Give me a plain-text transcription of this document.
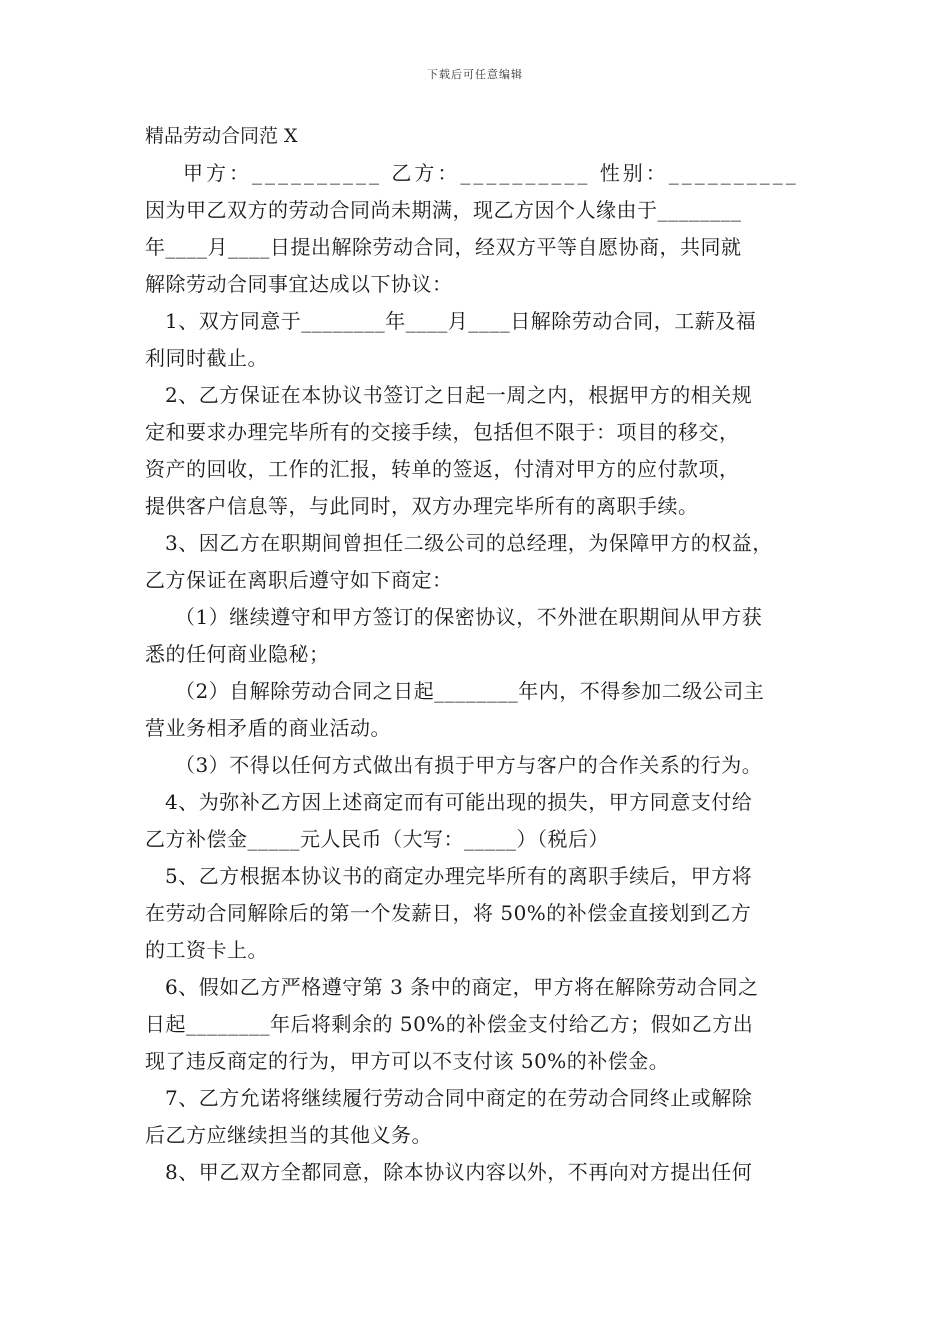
下载后可任意编辑
精品劳动合同范 X
甲方：__________ 乙方：__________ 性别：__________
因为甲乙双方的劳动合同尚未期满，现乙方因个人缘由于________
年____月____日提出解除劳动合同，经双方平等自愿协商，共同就
解除劳动合同事宜达成以下协议：
1、双方同意于________年____月____日解除劳动合同，工薪及福
利同时截止。
2、乙方保证在本协议书签订之日起一周之内，根据甲方的相关规
定和要求办理完毕所有的交接手续，包括但不限于：项目的移交，
资产的回收，工作的汇报，转单的签返，付清对甲方的应付款项，
提供客户信息等，与此同时，双方办理完毕所有的离职手续。
3、因乙方在职期间曾担任二级公司的总经理，为保障甲方的权益，
乙方保证在离职后遵守如下商定：
（1）继续遵守和甲方签订的保密协议，不外泄在职期间从甲方获
悉的任何商业隐秘；
（2）自解除劳动合同之日起________年内，不得参加二级公司主
营业务相矛盾的商业活动。
（3）不得以任何方式做出有损于甲方与客户的合作关系的行为。
4、为弥补乙方因上述商定而有可能出现的损失，甲方同意支付给
乙方补偿金_____元人民币（大写：_____）（税后）
5、乙方根据本协议书的商定办理完毕所有的离职手续后，甲方将
在劳动合同解除后的第一个发薪日，将 50%的补偿金直接划到乙方
的工资卡上。
6、假如乙方严格遵守第 3 条中的商定，甲方将在解除劳动合同之
日起________年后将剩余的 50%的补偿金支付给乙方；假如乙方出
现了违反商定的行为，甲方可以不支付该 50%的补偿金。
7、乙方允诺将继续履行劳动合同中商定的在劳动合同终止或解除
后乙方应继续担当的其他义务。
8、甲乙双方全都同意，除本协议内容以外，不再向对方提出任何
